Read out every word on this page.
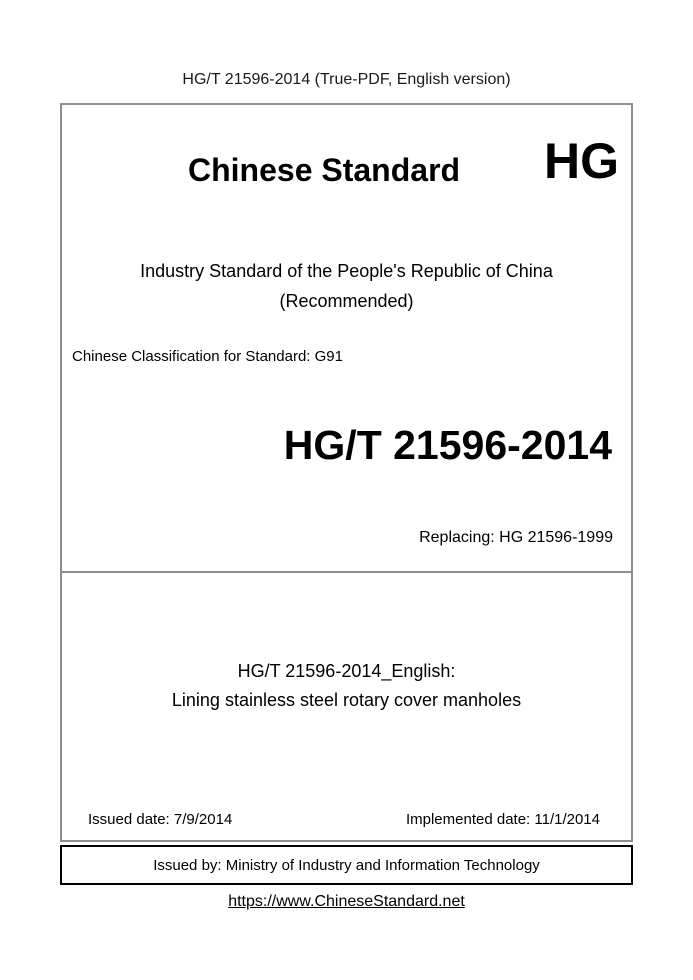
HG/T 21596-2014 (True-PDF, English version)
Chinese Standard HG
Industry Standard of the People's Republic of China
(Recommended)
Chinese Classification for Standard: G91
HG/T 21596-2014
Replacing: HG 21596-1999
HG/T 21596-2014_English:
Lining stainless steel rotary cover manholes
Issued date: 7/9/2014	Implemented date: 11/1/2014
Issued by: Ministry of Industry and Information Technology
https://www.ChineseStandard.net
